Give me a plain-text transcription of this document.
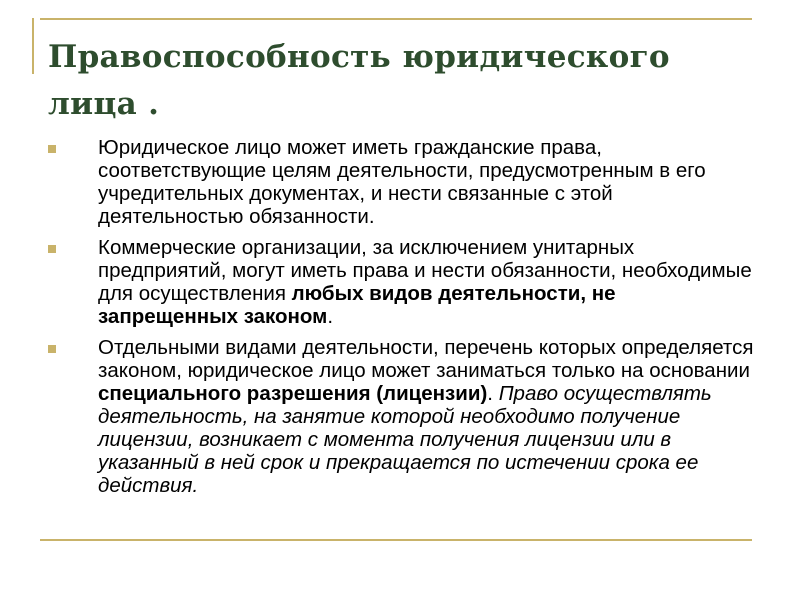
Правоспособность юридического лица .
Юридическое лицо может иметь гражданские права, соответствующие целям деятельности, предусмотренным в его учредительных документах, и нести связанные с этой деятельностью обязанности.
Коммерческие организации, за исключением унитарных предприятий, могут иметь права и нести обязанности, необходимые для осуществления любых видов деятельности, не запрещенных законом.
Отдельными видами деятельности, перечень которых определяется законом, юридическое лицо может заниматься только на основании специального разрешения (лицензии). Право осуществлять деятельность, на занятие которой необходимо получение лицензии, возникает с момента получения лицензии или в указанный в ней срок и прекращается по истечении срока ее действия.
